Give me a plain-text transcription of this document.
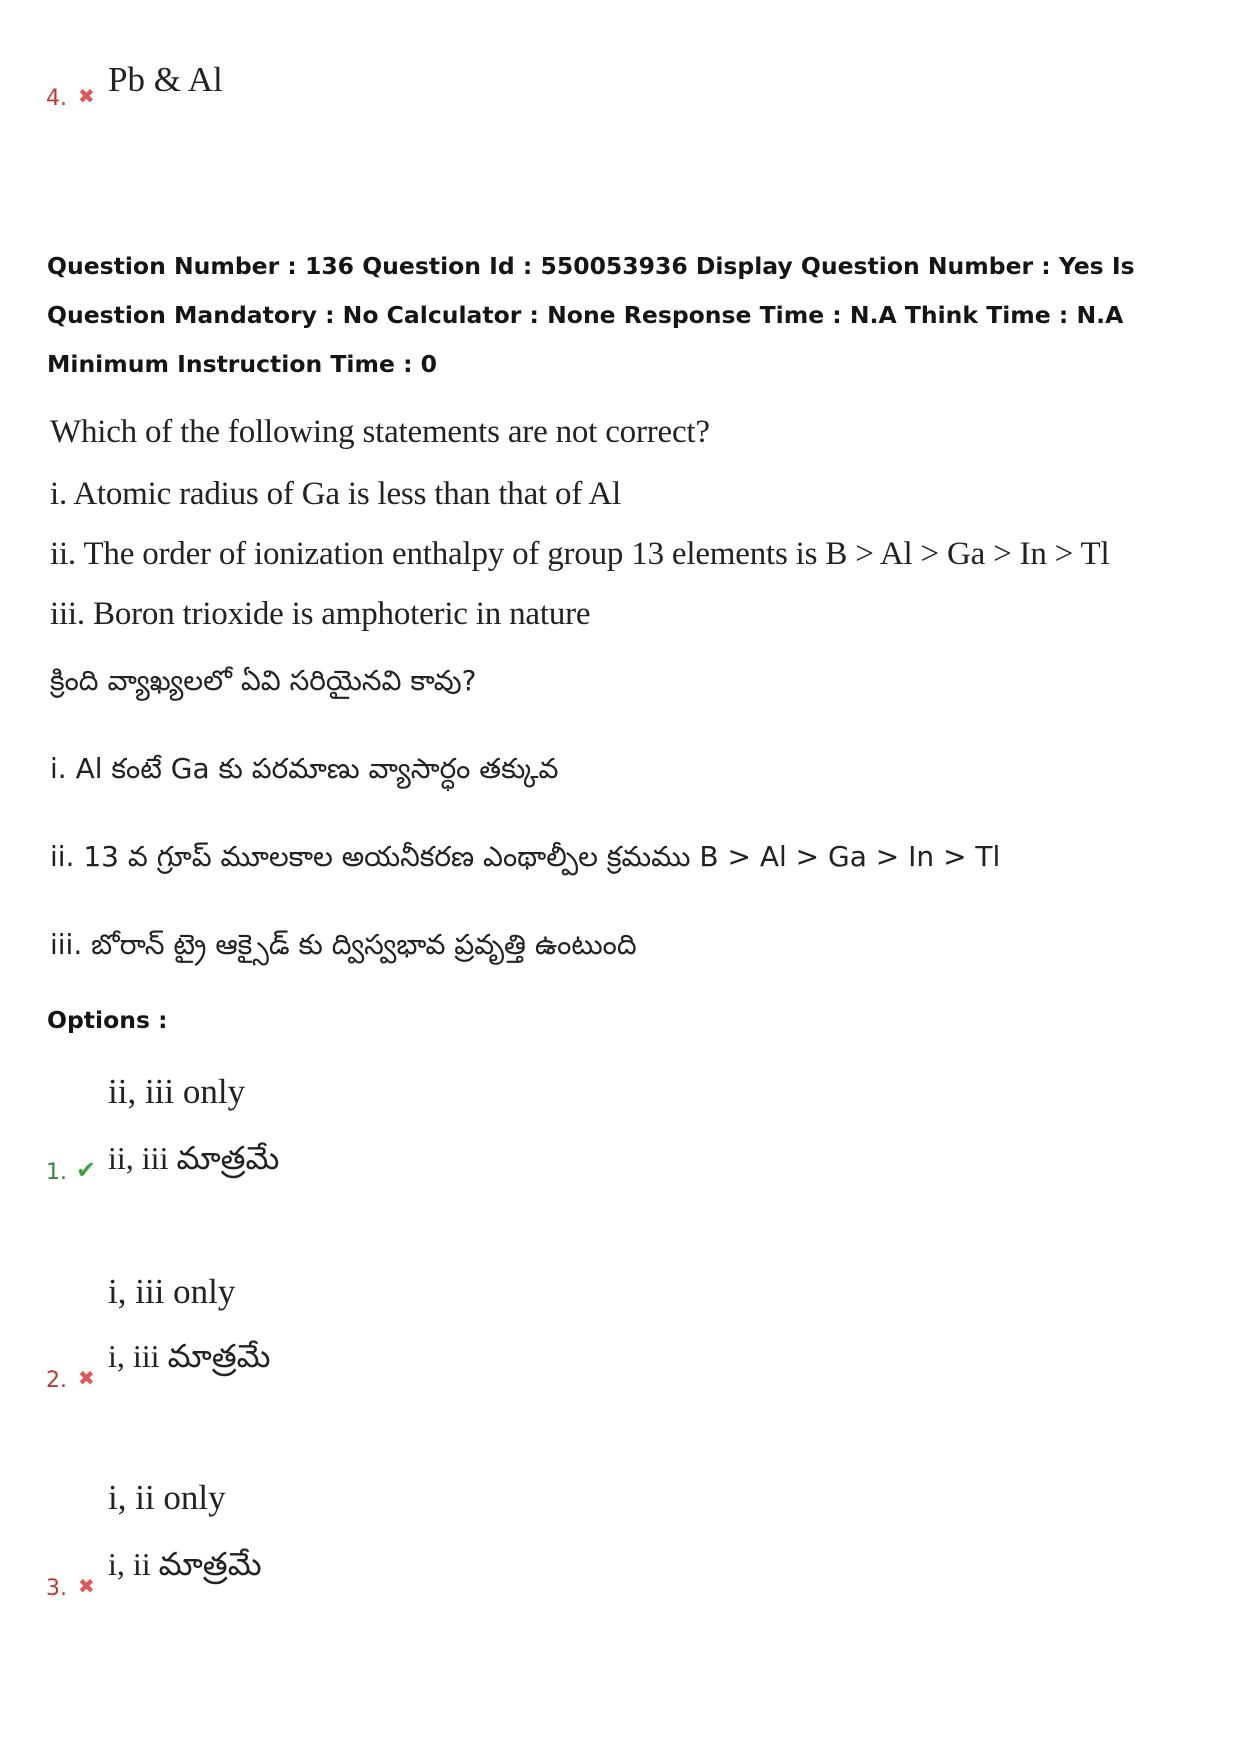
4. ✖ Pb & Al
Question Number : 136 Question Id : 550053936 Display Question Number : Yes Is Question Mandatory : No Calculator : None Response Time : N.A Think Time : N.A Minimum Instruction Time : 0
Which of the following statements are not correct?
i. Atomic radius of Ga is less than that of Al
ii. The order of ionization enthalpy of group 13 elements is B > Al > Ga > In > Tl
iii. Boron trioxide is amphoteric in nature
క్రింది వ్యాఖ్యలలో ఏవి సరియైనవి కావు?
i. Al కంటే Ga కు పరమాణు వ్యాసార్ధం తక్కువ
ii. 13 వ గ్రూప్ మూలకాల అయనీకరణ ఎంథాల్పీల క్రమము B > Al > Ga > In > Tl
iii. బోరాన్ ట్రై ఆక్సైడ్ కు ద్విస్వభావ ప్రవృత్తి ఉంటుంది
Options :
ii, iii only
ii, iii మాత్రమే
1. ✔
i, iii only
i, iii మాత్రమే
2. ✖
i, ii only
i, ii మాత్రమే
3. ✖
